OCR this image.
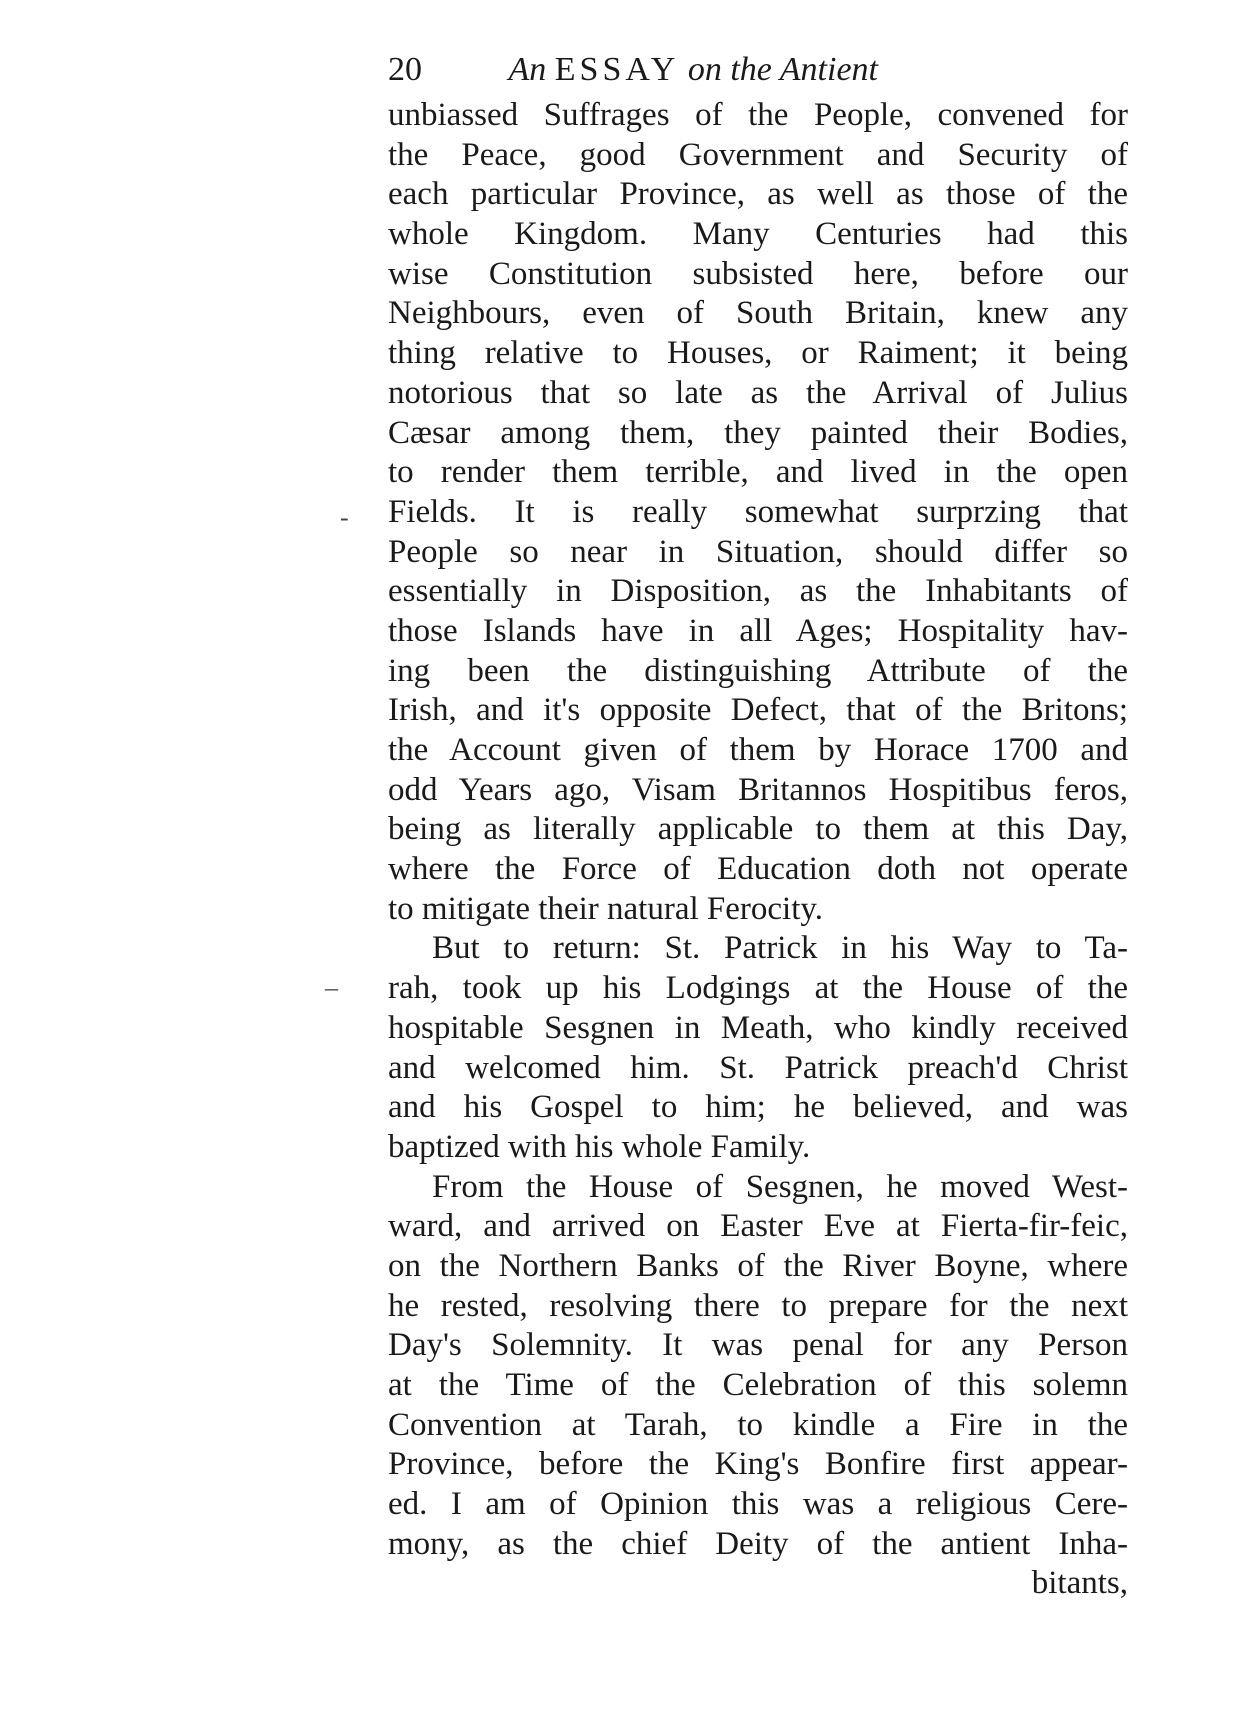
20	An ESSAY on the Antient
-
–
unbiassed Suffrages of the People, convened for
the Peace, good Government and Security of
each particular Province, as well as those of the
whole Kingdom. Many Centuries had this
wise Constitution subsisted here, before our
Neighbours, even of South Britain, knew any
thing relative to Houses, or Raiment; it being
notorious that so late as the Arrival of Julius
Cæsar among them, they painted their Bodies,
to render them terrible, and lived in the open
Fields. It is really somewhat surprzing that
People so near in Situation, should differ so
essentially in Disposition, as the Inhabitants of
those Islands have in all Ages; Hospitality hav-
ing been the distinguishing Attribute of the
Irish, and it's opposite Defect, that of the Britons;
the Account given of them by Horace 1700 and
odd Years ago, Visam Britannos Hospitibus feros,
being as literally applicable to them at this Day,
where the Force of Education doth not operate
to mitigate their natural Ferocity.
But to return: St. Patrick in his Way to Ta-
rah, took up his Lodgings at the House of the
hospitable Sesgnen in Meath, who kindly received
and welcomed him. St. Patrick preach'd Christ
and his Gospel to him; he believed, and was
baptized with his whole Family.
From the House of Sesgnen, he moved West-
ward, and arrived on Easter Eve at Fierta-fir-feic,
on the Northern Banks of the River Boyne, where
he rested, resolving there to prepare for the next
Day's Solemnity. It was penal for any Person
at the Time of the Celebration of this solemn
Convention at Tarah, to kindle a Fire in the
Province, before the King's Bonfire first appear-
ed. I am of Opinion this was a religious Cere-
mony, as the chief Deity of the antient Inha-
bitants,
